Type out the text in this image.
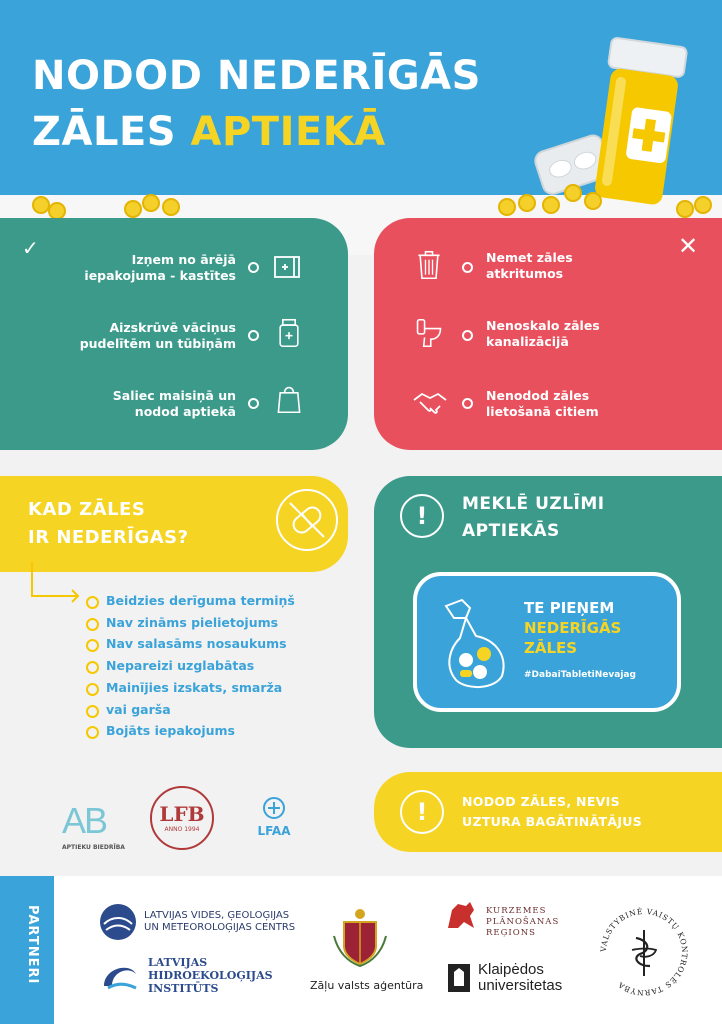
NODOD NEDERĪGĀS
ZĀLES APTIEKĀ
✓	Izņem no ārējā
iepakojuma - kastītes
Aizskrūvē vāciņus
pudelītēm un tūbiņām
Saliec maisiņā un
nodod aptiekā
✕
Nemet zāles
atkritumos
Nenoskalo zāles
kanalizācijā
Nenodod zāles
lietošanā citiem
KAD ZĀLES
IR NEDERĪGAS?
Beidzies derīguma termiņš
Nav zināms pielietojums
Nav salasāms nosaukums
Nepareizi uzglabātas
Mainījies izskats, smarža
vai garša
Bojāts iepakojums
!	MEKLĒ UZLĪMI
APTIEKĀS
TE PIEŅEM
NEDERĪGĀS
ZĀLES
#DabaiTabletiNevajag
AB
APTIEKU BIEDRĪBA
LFB
ANNO 1994	LFAA
!	NODOD ZĀLES, NEVIS
UZTURA BAGĀTINĀTĀJUS
PARTNERI	LATVIJAS VIDES, ĢEOLOĢIJAS
UN METEOROLOĢIJAS CENTRS
LATVIJAS
HIDROEKOLOĢIJAS
INSTITŪTS	Zāļu valsts aģentūra
KURZEMES
PLĀNOŠANAS
REĢIONS
Klaipėdos
universitetas
VALSTYBINĖ VAISTŲ KONTROLĖS TARNYBA
